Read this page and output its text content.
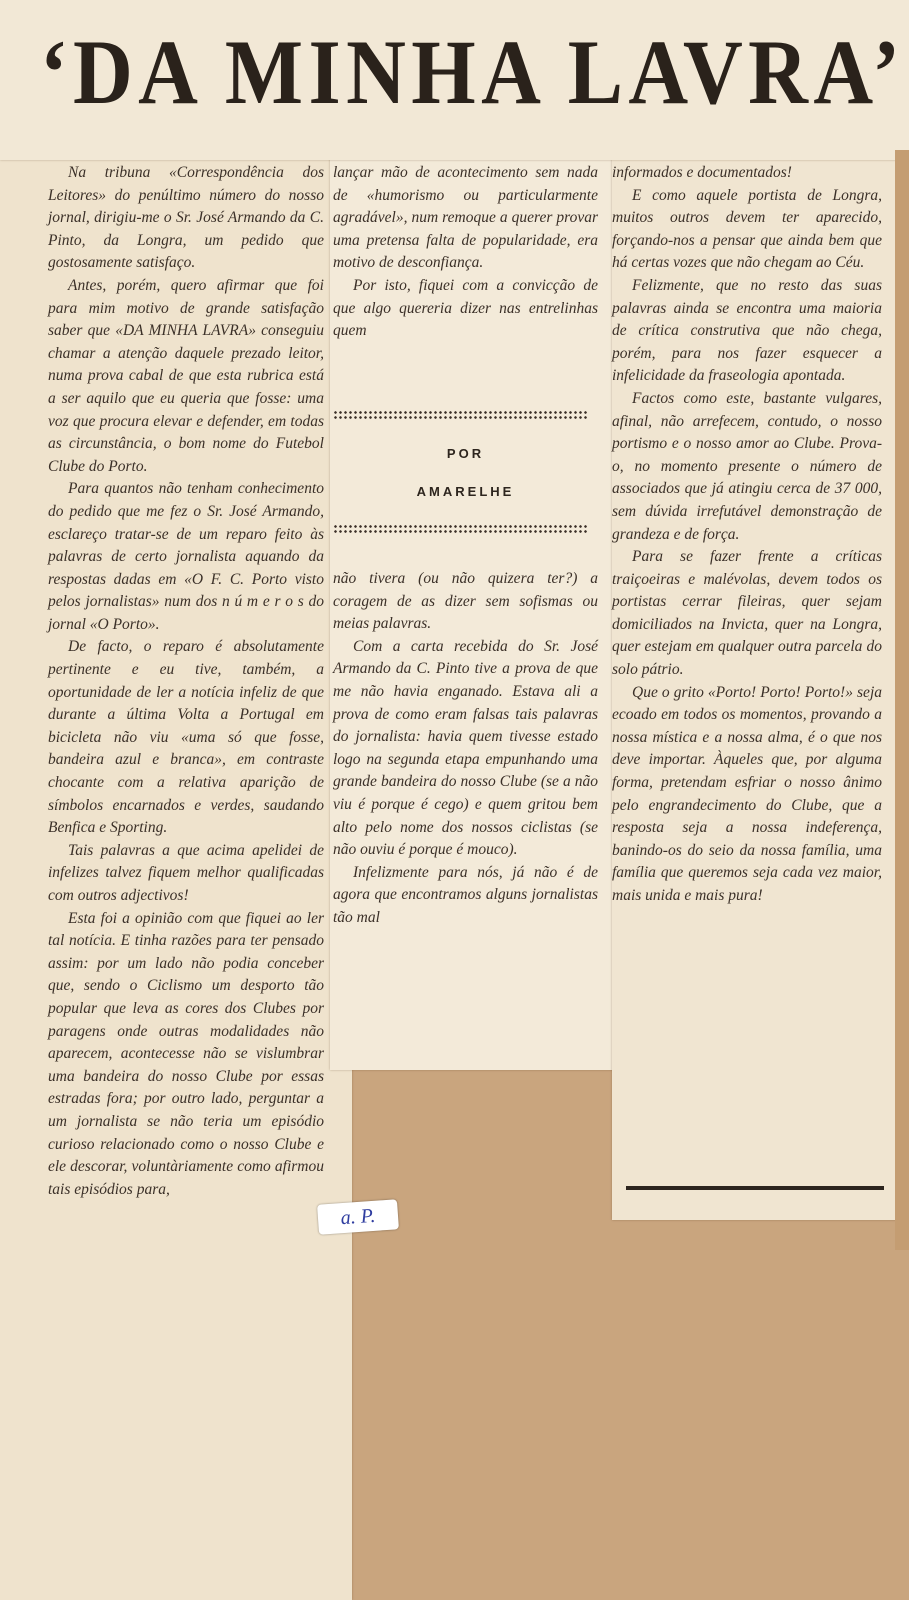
‘DA MINHA LAVRA’

Na tribuna «Correspondência dos Leitores» do penúltimo número do nosso jornal, dirigiu-me o Sr. José Armando da C. Pinto, da Longra, um pedido que gostosamente satisfaço.

Antes, porém, quero afirmar que foi para mim motivo de grande satisfação saber que «DA MINHA LAVRA» conseguiu chamar a atenção daquele prezado leitor, numa prova cabal de que esta rubrica está a ser aquilo que eu queria que fosse: uma voz que procura elevar e defender, em todas as circunstância, o bom nome do Futebol Clube do Porto.

Para quantos não tenham conhecimento do pedido que me fez o Sr. José Armando, esclareço tratar-se de um reparo feito às palavras de certo jornalista aquando da respostas dadas em «O F. C. Porto visto pelos jornalistas» num dos n ú m e r o s do jornal «O Porto».

De facto, o reparo é absolutamente pertinente e eu tive, também, a oportunidade de ler a notícia infeliz de que durante a última Volta a Portugal em bicicleta não viu «uma só que fosse, bandeira azul e branca», em contraste chocante com a relativa aparição de símbolos encarnados e verdes, saudando Benfica e Sporting.

Tais palavras a que acima apelidei de infelizes talvez fiquem melhor qualificadas com outros adjectivos!

Esta foi a opinião com que fiquei ao ler tal notícia. E tinha razões para ter pensado assim: por um lado não podia conceber que, sendo o Ciclismo um desporto tão popular que leva as cores dos Clubes por paragens onde outras modalidades não aparecem, acontecesse não se vislumbrar uma bandeira do nosso Clube por essas estradas fora; por outro lado, perguntar a um jornalista se não teria um episódio curioso relacionado como o nosso Clube e ele descorar, voluntàriamente como afirmou tais episódios para,

lançar mão de acontecimento sem nada de «humorismo ou particularmente agradável», num remoque a querer provar uma pretensa falta de popularidade, era motivo de desconfiança.

Por isto, fiquei com a convicção de que algo quereria dizer nas entrelinhas quem

POR
AMARELHE

não tivera (ou não quizera ter?) a coragem de as dizer sem sofismas ou meias palavras.

Com a carta recebida do Sr. José Armando da C. Pinto tive a prova de que me não havia enganado. Estava ali a prova de como eram falsas tais palavras do jornalista: havia quem tivesse estado logo na segunda etapa empunhando uma grande bandeira do nosso Clube (se a não viu é porque é cego) e quem gritou bem alto pelo nome dos nossos ciclistas (se não ouviu é porque é mouco).

Infelizmente para nós, já não é de agora que encontramos alguns jornalistas tão mal

informados e documentados!

E como aquele portista de Longra, muitos outros devem ter aparecido, forçando-nos a pensar que ainda bem que há certas vozes que não chegam ao Céu.

Felizmente, que no resto das suas palavras ainda se encontra uma maioria de crítica construtiva que não chega, porém, para nos fazer esquecer a infelicidade da fraseologia apontada.

Factos como este, bastante vulgares, afinal, não arrefecem, contudo, o nosso portismo e o nosso amor ao Clube. Prova-o, no momento presente o número de associados que já atingiu cerca de 37 000, sem dúvida irrefutável demonstração de grandeza e de força.

Para se fazer frente a críticas traiçoeiras e malévolas, devem todos os portistas cerrar fileiras, quer sejam domiciliados na Invicta, quer na Longra, quer estejam em qualquer outra parcela do solo pátrio.

Que o grito «Porto! Porto! Porto!» seja ecoado em todos os momentos, provando a nossa mística e a nossa alma, é o que nos deve importar. Àqueles que, por alguma forma, pretendam esfriar o nosso ânimo pelo engrandecimento do Clube, que a resposta seja a nossa indeferença, banindo-os do seio da nossa família, uma família que queremos seja cada vez maior, mais unida e mais pura!

a. P.
